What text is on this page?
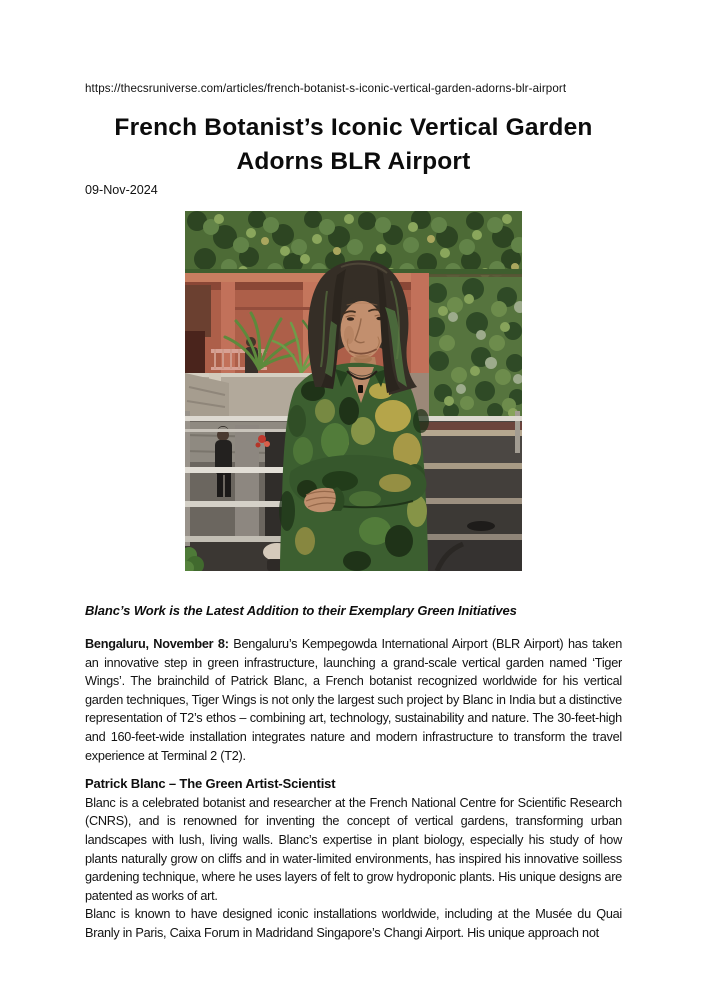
https://thecsruniverse.com/articles/french-botanist-s-iconic-vertical-garden-adorns-blr-airport
French Botanist’s Iconic Vertical Garden
Adorns BLR Airport
09-Nov-2024

Blanc’s Work is the Latest Addition to their Exemplary Green Initiatives

Bengaluru, November 8: Bengaluru’s Kempegowda International Airport (BLR Airport) has taken an innovative step in green infrastructure, launching a grand-scale vertical garden named ‘Tiger Wings’. The brainchild of Patrick Blanc, a French botanist recognized worldwide for his vertical garden techniques, Tiger Wings is not only the largest such project by Blanc in India but a distinctive representation of T2’s ethos – combining art, technology, sustainability and nature. The 30-feet-high and 160-feet-wide installation integrates nature and modern infrastructure to transform the travel experience at Terminal 2 (T2).

Patrick Blanc – The Green Artist-Scientist

Blanc is a celebrated botanist and researcher at the French National Centre for Scientific Research (CNRS), and is renowned for inventing the concept of vertical gardens, transforming urban landscapes with lush, living walls. Blanc’s expertise in plant biology, especially his study of how plants naturally grow on cliffs and in water-limited environments, has inspired his innovative soilless gardening technique, where he uses layers of felt to grow hydroponic plants. His unique designs are patented as works of art.

Blanc is known to have designed iconic installations worldwide, including at the Musée du Quai Branly in Paris, Caixa Forum in Madridand Singapore’s Changi Airport. His unique approach not
